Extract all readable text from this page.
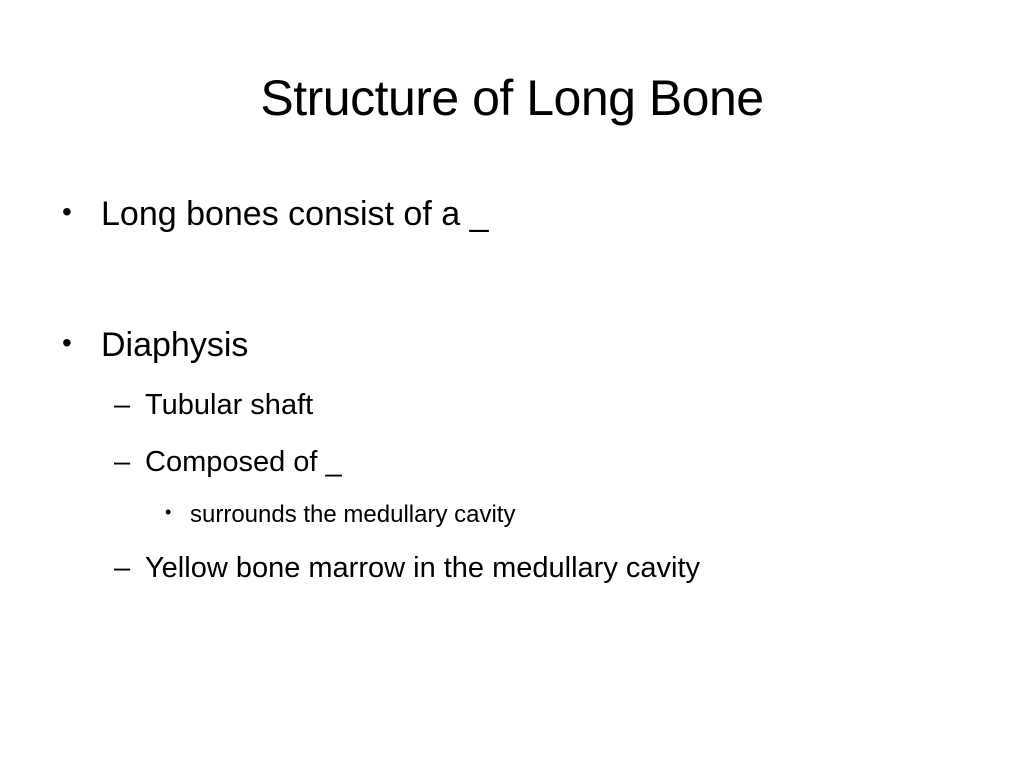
Structure of Long Bone
• Long bones consist of a _
• Diaphysis
– Tubular shaft
– Composed of _
• surrounds the medullary cavity
– Yellow bone marrow in the medullary cavity
